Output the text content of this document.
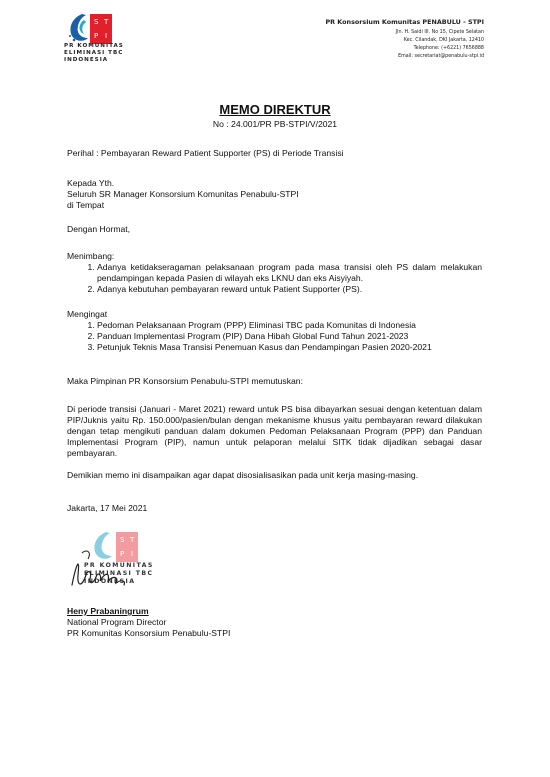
S T
P I
PR KOMUNITAS
ELIMINASI TBC
INDONESIA
PR Konsorsium Komunitas PENABULU - STPI
Jln. H. Saidi III. No 15, Cipete Selatan
Kec. Cilandak, DKI Jakarta, 12410
Telephone: (+6221) 7656888
Email: secretariat@penabulu-stpi.id
MEMO DIREKTUR
No : 24.001/PR PB-STPI/V/2021
Perihal : Pembayaran Reward Patient Supporter (PS) di Periode Transisi
Kepada Yth.
Seluruh SR Manager Konsorsium Komunitas Penabulu-STPI
di Tempat
Dengan Hormat,
Menimbang:
1. Adanya ketidakseragaman pelaksanaan program pada masa transisi oleh PS dalam melakukan pendampingan kepada Pasien di wilayah eks LKNU dan eks Aisyiyah.
2. Adanya kebutuhan pembayaran reward untuk Patient Supporter (PS).
Mengingat
1. Pedoman Pelaksanaan Program (PPP) Eliminasi TBC pada Komunitas di Indonesia
2. Panduan Implementasi Program (PIP) Dana Hibah Global Fund Tahun 2021-2023
3. Petunjuk Teknis Masa Transisi Penemuan Kasus dan Pendampingan Pasien 2020-2021
Maka Pimpinan PR Konsorsium Penabulu-STPI memutuskan:
Di periode transisi (Januari - Maret 2021) reward untuk PS bisa dibayarkan sesuai dengan ketentuan dalam PIP/Juknis yaitu Rp. 150.000/pasien/bulan dengan mekanisme khusus yaitu pembayaran reward dilakukan dengan tetap mengikuti panduan dalam dokumen Pedoman Pelaksanaan Program (PPP) dan Panduan Implementasi Program (PIP), namun untuk pelaporan melalui SITK tidak dijadikan sebagai dasar pembayaran.
Demikian memo ini disampaikan agar dapat disosialisasikan pada unit kerja masing-masing.
Jakarta, 17 Mei 2021
S T
P I
PR KOMUNITAS
ELIMINASI TBC
INDONESIA
Heny Prabaningrum
National Program Director
PR Komunitas Konsorsium Penabulu-STPI
